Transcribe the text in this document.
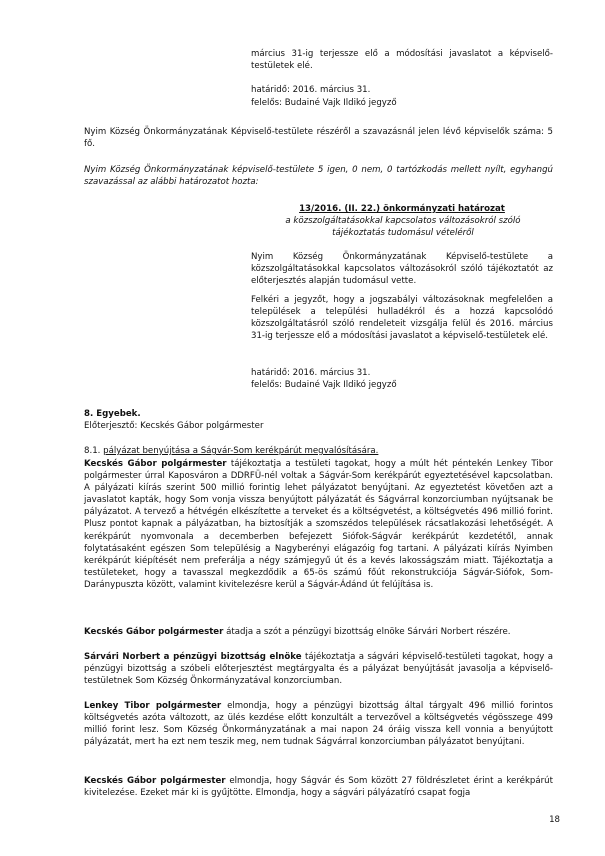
március 31-ig terjessze elő a módosítási javaslatot a képviselő-testületek elé.

határidő: 2016. március 31.

felelős: Budainé Vajk Ildikó jegyző

Nyim Község Önkormányzatának Képviselő-testülete részéről a szavazásnál jelen lévő képviselők száma: 5 fő.

Nyim Község Önkormányzatának képviselő-testülete 5 igen, 0 nem, 0 tartózkodás mellett nyílt, egyhangú szavazással az alábbi határozatot hozta:

13/2016. (II. 22.) önkormányzati határozat

a közszolgáltatásokkal kapcsolatos változásokról szóló tájékoztatás tudomásul vételéről

Nyim Község Önkormányzatának Képviselő-testülete a közszolgáltatásokkal kapcsolatos változásokról szóló tájékoztatót az előterjesztés alapján tudomásul vette.

Felkéri a jegyzőt, hogy a jogszabályi változásoknak megfelelően a települések a települési hulladékról és a hozzá kapcsolódó közszolgáltatásról szóló rendeleteit vizsgálja felül és 2016. március 31-ig terjessze elő a módosítási javaslatot a képviselő-testületek elé.

határidő: 2016. március 31.

felelős: Budainé Vajk Ildikó jegyző

8. Egyebek.

Előterjesztő: Kecskés Gábor polgármester

8.1. pályázat benyújtása a Ságvár-Som kerékpárút megvalósítására.

Kecskés Gábor polgármester tájékoztatja a testületi tagokat, hogy a múlt hét péntekén Lenkey Tibor polgármester úrral Kaposváron a DDRFÜ-nél voltak a Ságvár-Som kerékpárút egyeztetésével kapcsolatban. A pályázati kiírás szerint 500 millió forintig lehet pályázatot benyújtani. Az egyeztetést követően azt a javaslatot kapták, hogy Som vonja vissza benyújtott pályázatát és Ságvárral konzorciumban nyújtsanak be pályázatot. A tervező a hétvégén elkészítette a terveket és a költségvetést, a költségvetés 496 millió forint. Plusz pontot kapnak a pályázatban, ha biztosítják a szomszédos települések rácsatlakozási lehetőségét. A kerékpárút nyomvonala a decemberben befejezett Siófok-Ságvár kerékpárút kezdetétől, annak folytatásaként egészen Som településig a Nagyberényi elágazóig fog tartani. A pályázati kiírás Nyimben kerékpárút kiépítését nem preferálja a négy számjegyű út és a kevés lakosságszám miatt. Tájékoztatja a testületeket, hogy a tavasszal megkezdődik a 65-ös számú főút rekonstrukciója Ságvár-Siófok, Som-Daránypuszta között, valamint kivitelezésre kerül a Ságvár-Ádánd út felújítása is.

Kecskés Gábor polgármester átadja a szót a pénzügyi bizottság elnöke Sárvári Norbert részére.

Sárvári Norbert a pénzügyi bizottság elnöke tájékoztatja a ságvári képviselő-testületi tagokat, hogy a pénzügyi bizottság a szóbeli előterjesztést megtárgyalta és a pályázat benyújtását javasolja a képviselő-testületnek Som Község Önkormányzatával konzorciumban.

Lenkey Tibor polgármester elmondja, hogy a pénzügyi bizottság által tárgyalt 496 millió forintos költségvetés azóta változott, az ülés kezdése előtt konzultált a tervezővel a költségvetés végösszege 499 millió forint lesz. Som Község Önkormányzatának a mai napon 24 óráig vissza kell vonnia a benyújtott pályázatát, mert ha ezt nem teszik meg, nem tudnak Ságvárral konzorciumban pályázatot benyújtani.

Kecskés Gábor polgármester elmondja, hogy Ságvár és Som között 27 földrészletet érint a kerékpárút kivitelezése. Ezeket már ki is gyűjtötte. Elmondja, hogy a ságvári pályázatíró csapat fogja

18
